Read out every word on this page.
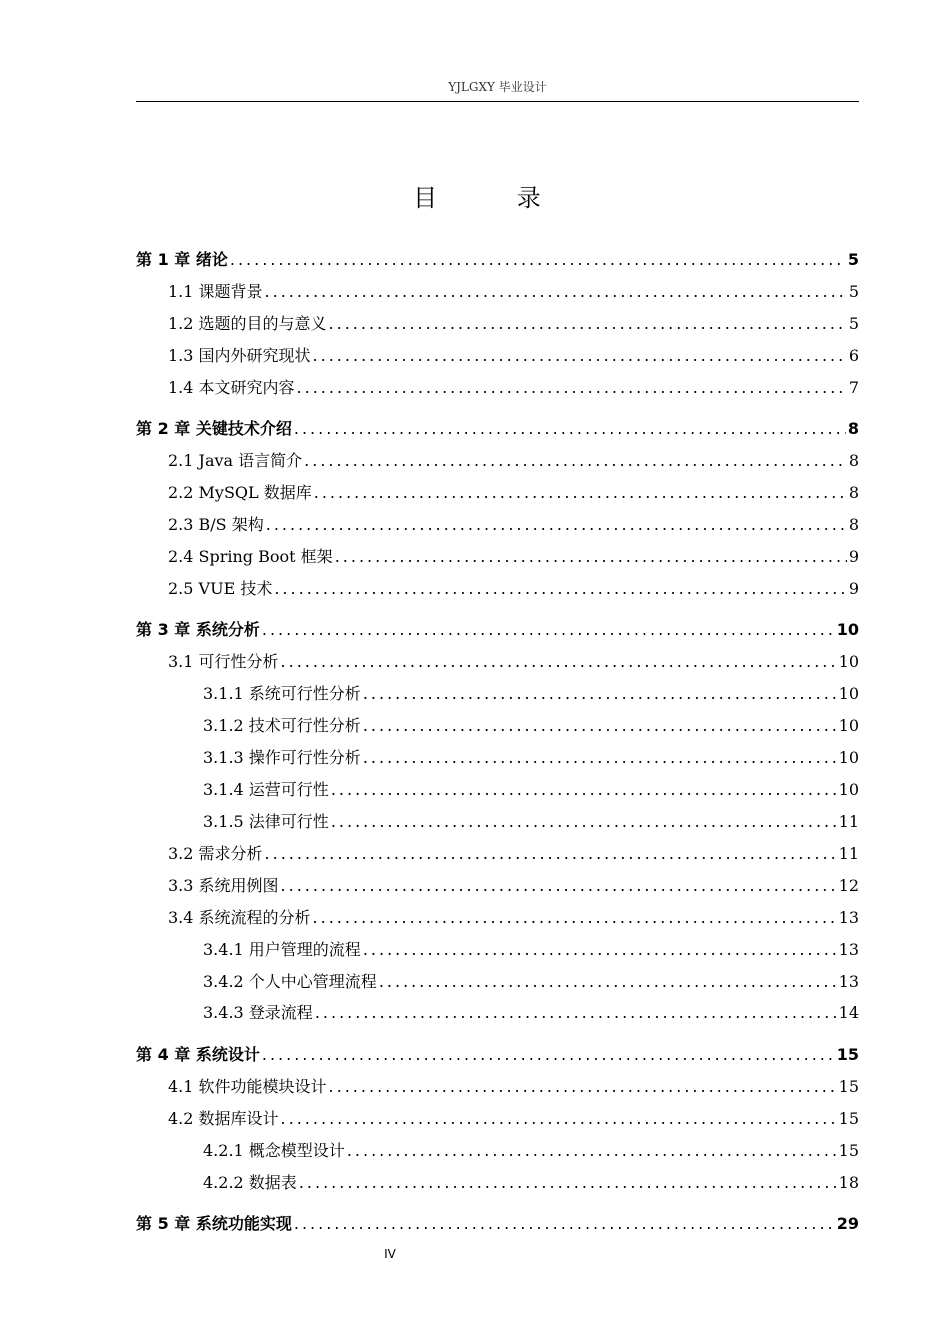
YJLGXY 毕业设计
目 录
第 1 章 绪论 .....	5
1.1 课题背景 .....	5
1.2 选题的目的与意义 .....	5
1.3 国内外研究现状 .....	6
1.4 本文研究内容 .....	7
第 2 章 关键技术介绍 .....	8
2.1 Java 语言简介 .....	8
2.2 MySQL 数据库 .....	8
2.3 B/S 架构 .....	8
2.4 Spring Boot 框架 .....	9
2.5 VUE 技术 .....	9
第 3 章 系统分析 .....	10
3.1 可行性分析 .....	10
3.1.1 系统可行性分析 .....	10
3.1.2 技术可行性分析 .....	10
3.1.3 操作可行性分析 .....	10
3.1.4 运营可行性 .....	10
3.1.5 法律可行性 .....	11
3.2 需求分析 .....	11
3.3 系统用例图 .....	12
3.4 系统流程的分析 .....	13
3.4.1 用户管理的流程 .....	13
3.4.2 个人中心管理流程 .....	13
3.4.3 登录流程 .....	14
第 4 章 系统设计 .....	15
4.1 软件功能模块设计 .....	15
4.2 数据库设计 .....	15
4.2.1 概念模型设计 .....	15
4.2.2 数据表 .....	18
第 5 章 系统功能实现 .....	29
IV
